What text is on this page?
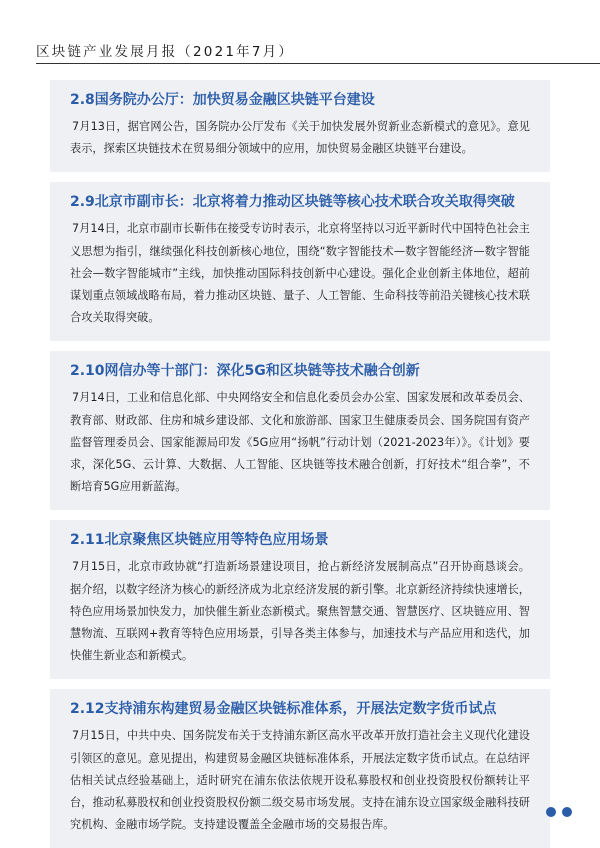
区块链产业发展月报（2021年7月）
2.8国务院办公厅：加快贸易金融区块链平台建设

7月13日，据官网公告，国务院办公厅发布《关于加快发展外贸新业态新模式的意见》。意见表示，探索区块链技术在贸易细分领域中的应用，加快贸易金融区块链平台建设。

2.9北京市副市长：北京将着力推动区块链等核心技术联合攻关取得突破

7月14日，北京市副市长靳伟在接受专访时表示，北京将坚持以习近平新时代中国特色社会主义思想为指引，继续强化科技创新核心地位，围绕“数字智能技术—数字智能经济—数字智能社会—数字智能城市”主线，加快推动国际科技创新中心建设。强化企业创新主体地位，超前谋划重点领域战略布局，着力推动区块链、量子、人工智能、生命科技等前沿关键核心技术联合攻关取得突破。

2.10网信办等十部门：深化5G和区块链等技术融合创新

7月14日，工业和信息化部、中央网络安全和信息化委员会办公室、国家发展和改革委员会、教育部、财政部、住房和城乡建设部、文化和旅游部、国家卫生健康委员会、国务院国有资产监督管理委员会、国家能源局印发《5G应用“扬帆”行动计划（2021-2023年）》。《计划》要求，深化5G、云计算、大数据、人工智能、区块链等技术融合创新，打好技术“组合拳”，不断培育5G应用新蓝海。

2.11北京聚焦区块链应用等特色应用场景

7月15日，北京市政协就“打造新场景建设项目，抢占新经济发展制高点”召开协商恳谈会。据介绍，以数字经济为核心的新经济成为北京经济发展的新引擎。北京新经济持续快速增长，特色应用场景加快发力，加快催生新业态新模式。聚焦智慧交通、智慧医疗、区块链应用、智慧物流、互联网+教育等特色应用场景，引导各类主体参与，加速技术与产品应用和迭代，加快催生新业态和新模式。

2.12支持浦东构建贸易金融区块链标准体系，开展法定数字货币试点

7月15日，中共中央、国务院发布关于支持浦东新区高水平改革开放打造社会主义现代化建设引领区的意见。意见提出，构建贸易金融区块链标准体系，开展法定数字货币试点。在总结评估相关试点经验基础上，适时研究在浦东依法依规开设私募股权和创业投资股权份额转让平台，推动私募股权和创业投资股权份额二级交易市场发展。支持在浦东设立国家级金融科技研究机构、金融市场学院。支持建设覆盖全金融市场的交易报告库。
